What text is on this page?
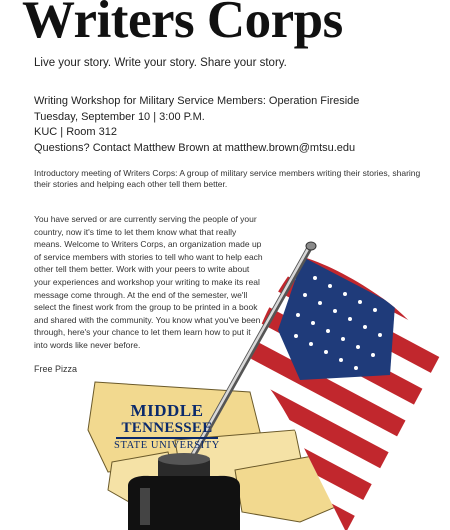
Writers Corps
Live your story. Write your story. Share your story.
Writing Workshop for Military Service Members: Operation Fireside
Tuesday, September 10 | 3:00 P.M.
KUC | Room 312
Questions? Contact Matthew Brown at matthew.brown@mtsu.edu
Introductory meeting of Writers Corps: A group of military service members writing their stories, sharing their stories and helping each other tell them better.
You have served or are currently serving the people of your country, now it's time to let them know what that really means. Welcome to Writers Corps, an organization made up of service members with stories to tell who want to help each other tell them better. Work with your peers to write about your experiences and workshop your writing to make its real message come through. At the end of the semester, we'll select the finest work from the group to be printed in a book and shared with the community. You know what you've been through, here's your chance to let them learn how to put it into words like never before.
Free Pizza
MIDDLE
TENNESSEE
STATE UNIVERSITY
